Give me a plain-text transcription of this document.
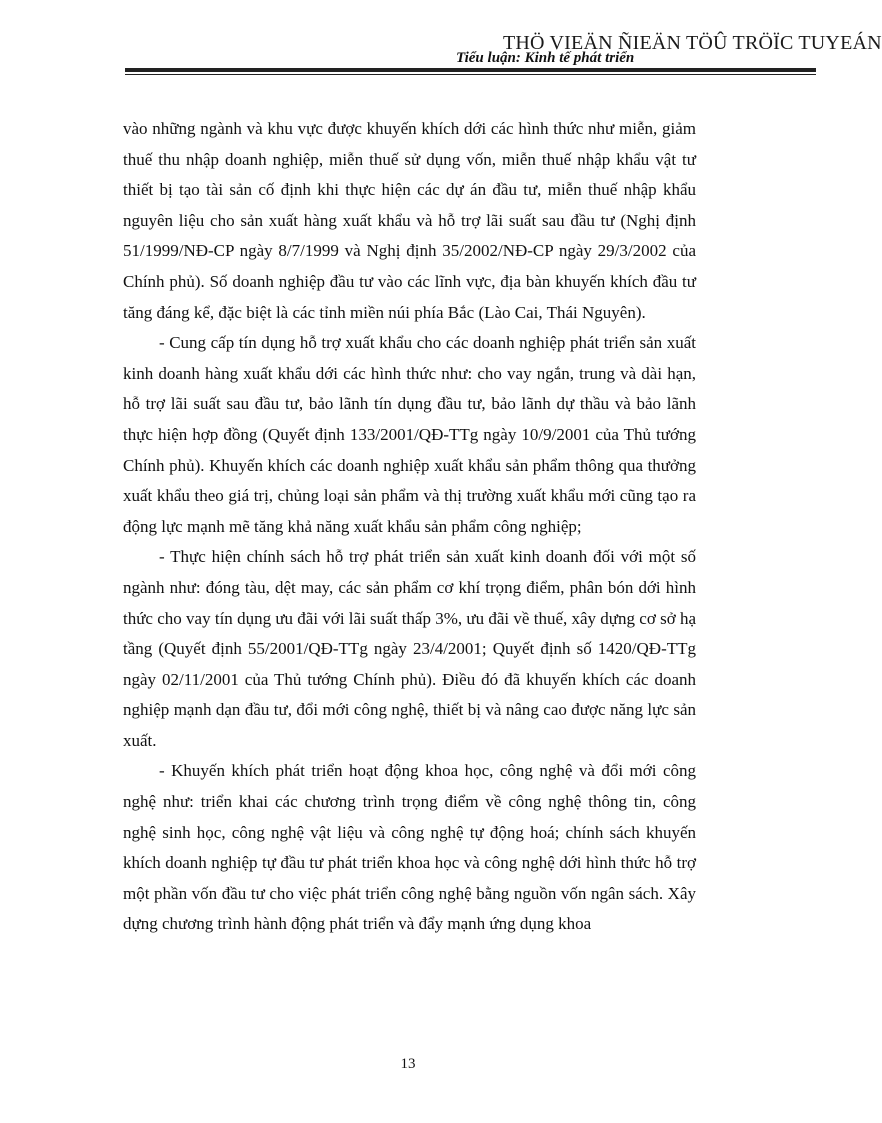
THÖ VIEÄN ÑIEÄN TÖÛ TRÖÏC TUYEÁN
Tiểu luận: Kinh tế phát triển

vào những ngành và khu vực được khuyến khích dới các hình thức như miễn, giảm thuế thu nhập doanh nghiệp, miễn thuế sử dụng vốn, miễn thuế nhập khẩu vật tư thiết bị tạo tài sản cố định khi thực hiện các dự án đầu tư, miễn thuế nhập khẩu nguyên liệu cho sản xuất hàng xuất khẩu và hỗ trợ lãi suất sau đầu tư (Nghị định 51/1999/NĐ-CP ngày 8/7/1999 và Nghị định 35/2002/NĐ-CP ngày 29/3/2002 của Chính phủ). Số doanh nghiệp đầu tư vào các lĩnh vực, địa bàn khuyến khích đầu tư tăng đáng kể, đặc biệt là các tỉnh miền núi phía Bắc (Lào Cai, Thái Nguyên).

- Cung cấp tín dụng hỗ trợ xuất khẩu cho các doanh nghiệp phát triển sản xuất kinh doanh hàng xuất khẩu dới các hình thức như: cho vay ngắn, trung và dài hạn, hỗ trợ lãi suất sau đầu tư, bảo lãnh tín dụng đầu tư, bảo lãnh dự thầu và bảo lãnh thực hiện hợp đồng (Quyết định 133/2001/QĐ-TTg ngày 10/9/2001 của Thủ tướng Chính phủ). Khuyến khích các doanh nghiệp xuất khẩu sản phẩm thông qua thưởng xuất khẩu theo giá trị, chủng loại sản phẩm và thị trường xuất khẩu mới cũng tạo ra động lực mạnh mẽ tăng khả năng xuất khẩu sản phẩm công nghiệp;

- Thực hiện chính sách hỗ trợ phát triển sản xuất kinh doanh đối với một số ngành như: đóng tàu, dệt may, các sản phẩm cơ khí trọng điểm, phân bón dới hình thức cho vay tín dụng ưu đãi với lãi suất thấp 3%, ưu đãi về thuế, xây dựng cơ sở hạ tầng (Quyết định 55/2001/QĐ-TTg ngày 23/4/2001; Quyết định số 1420/QĐ-TTg ngày 02/11/2001 của Thủ tướng Chính phủ). Điều đó đã khuyến khích các doanh nghiệp mạnh dạn đầu tư, đổi mới công nghệ, thiết bị và nâng cao được năng lực sản xuất.

- Khuyến khích phát triển hoạt động khoa học, công nghệ và đổi mới công nghệ như: triển khai các chương trình trọng điểm về công nghệ thông tin, công nghệ sinh học, công nghệ vật liệu và công nghệ tự động hoá; chính sách khuyến khích doanh nghiệp tự đầu tư phát triển khoa học và công nghệ dới hình thức hỗ trợ một phần vốn đầu tư cho việc phát triển công nghệ bằng nguồn vốn ngân sách. Xây dựng chương trình hành động phát triển và đẩy mạnh ứng dụng khoa

13
